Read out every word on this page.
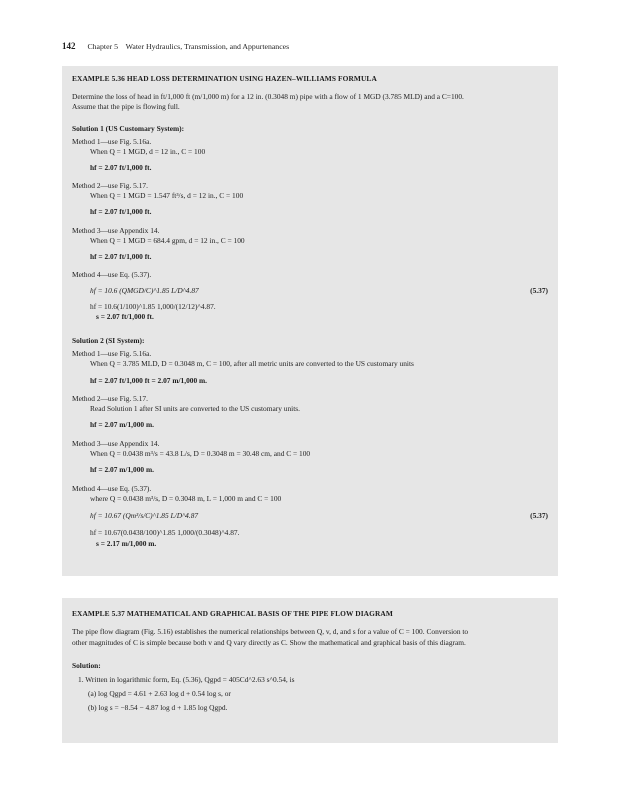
142 Chapter 5 Water Hydraulics, Transmission, and Appurtenances
EXAMPLE 5.36 HEAD LOSS DETERMINATION USING HAZEN–WILLIAMS FORMULA
Determine the loss of head in ft/1,000 ft (m/1,000 m) for a 12 in. (0.3048 m) pipe with a flow of 1 MGD (3.785 MLD) and a C=100.
Assume that the pipe is flowing full.
Solution 1 (US Customary System):
Method 1—use Fig. 5.16a.
When Q = 1 MGD, d = 12 in., C = 100
hf = 2.07 ft/1,000 ft.
Method 2—use Fig. 5.17.
When Q = 1 MGD = 1.547 ft³/s, d = 12 in., C = 100
hf = 2.07 ft/1,000 ft.
Method 3—use Appendix 14.
When Q = 1 MGD = 684.4 gpm, d = 12 in., C = 100
hf = 2.07 ft/1,000 ft.
Method 4—use Eq. (5.37).
hf = 10.6 (QMGD/C)^1.85 L/D^4.87	(5.37)
hf = 10.6(1/100)^1.85 1,000/(12/12)^4.87.
s = 2.07 ft/1,000 ft.
Solution 2 (SI System):
Method 1—use Fig. 5.16a.
When Q = 3.785 MLD, D = 0.3048 m, C = 100, after all metric units are converted to the US customary units
hf = 2.07 ft/1,000 ft = 2.07 m/1,000 m.
Method 2—use Fig. 5.17.
Read Solution 1 after SI units are converted to the US customary units.
hf = 2.07 m/1,000 m.
Method 3—use Appendix 14.
When Q = 0.0438 m³/s = 43.8 L/s, D = 0.3048 m = 30.48 cm, and C = 100
hf = 2.07 m/1,000 m.
Method 4—use Eq. (5.37).
where Q = 0.0438 m³/s, D = 0.3048 m, L = 1,000 m and C = 100
hf = 10.67 (Qm³/s/C)^1.85 L/D^4.87	(5.37)
hf = 10.67(0.0438/100)^1.85 1,000/(0.3048)^4.87.
s = 2.17 m/1,000 m.
EXAMPLE 5.37 MATHEMATICAL AND GRAPHICAL BASIS OF THE PIPE FLOW DIAGRAM
The pipe flow diagram (Fig. 5.16) establishes the numerical relationships between Q, v, d, and s for a value of C = 100. Conversion to
other magnitudes of C is simple because both v and Q vary directly as C. Show the mathematical and graphical basis of this diagram.
Solution:
1. Written in logarithmic form, Eq. (5.36), Qgpd = 405Cd^2.63 s^0.54, is
(a) log Qgpd = 4.61 + 2.63 log d + 0.54 log s, or
(b) log s = −8.54 − 4.87 log d + 1.85 log Qgpd.
